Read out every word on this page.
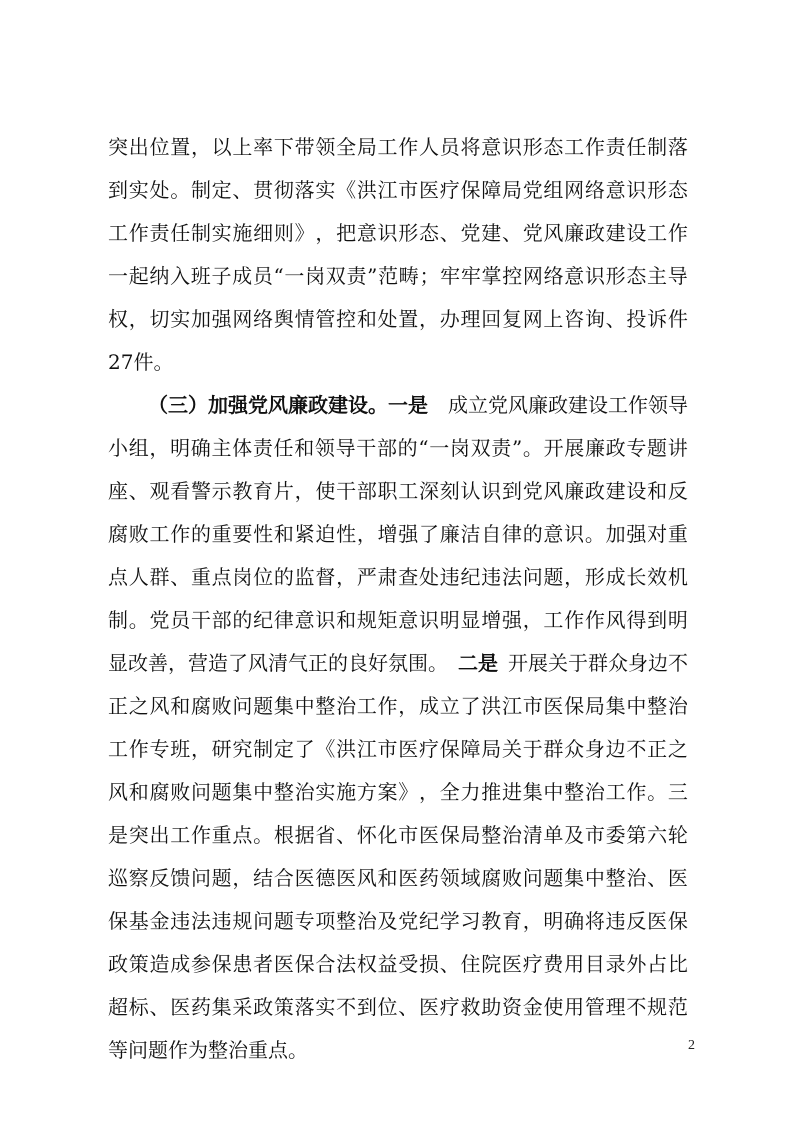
突 出 位 置 ， 以 上 率 下 带 领 全 局 工 作 人 员 将 意 识 形 态 工 作 责 任 制 落
到 实 处 。 制 定 、 贯 彻 落 实 《 洪 江 市 医 疗 保 障 局 党 组 网 络 意 识 形 态
工 作 责 任 制 实 施 细 则 》 ， 把 意 识 形 态 、 党 建 、 党 风 廉 政 建 设 工 作
一 起 纳 入 班 子 成 员 “ 一 岗 双 责 ” 范 畴 ； 牢 牢 掌 控 网 络 意 识 形 态 主 导
权 ， 切 实 加 强 网 络 舆 情 管 控 和 处 置 ， 办 理 回 复 网 上 咨 询 、 投 诉 件
27件。
（三）加强党风廉政建设。一是 成立党风廉政建设工作领导
小 组 ， 明 确 主 体 责 任 和 领 导 干 部 的 “ 一 岗 双 责 ” 。 开 展 廉 政 专 题 讲
座 、 观 看 警 示 教 育 片 ， 使 干 部 职 工 深 刻 认 识 到 党 风 廉 政 建 设 和 反
腐 败 工 作 的 重 要 性 和 紧 迫 性 ， 增 强 了 廉 洁 自 律 的 意 识 。 加 强 对 重
点 人 群 、 重 点 岗 位 的 监 督 ， 严 肃 查 处 违 纪 违 法 问 题 ， 形 成 长 效 机
制 。 党 员 干 部 的 纪 律 意 识 和 规 矩 意 识 明 显 增 强 ， 工 作 作 风 得 到 明
显改善，营造了风清气正的良好氛围。 二是 开展关于群众身边不
正 之 风 和 腐 败 问 题 集 中 整 治 工 作 ， 成 立 了 洪 江 市 医 保 局 集 中 整 治
工 作 专 班 ， 研 究 制 定 了 《 洪 江 市 医 疗 保 障 局 关 于 群 众 身 边 不 正 之
风 和 腐 败 问 题 集 中 整 治 实 施 方 案 》 ， 全 力 推 进 集 中 整 治 工 作 。 三
是 突 出 工 作 重 点 。 根 据 省 、 怀 化 市 医 保 局 整 治 清 单 及 市 委 第 六 轮
巡 察 反 馈 问 题 ， 结 合 医 德 医 风 和 医 药 领 域 腐 败 问 题 集 中 整 治 、 医
保 基 金 违 法 违 规 问 题 专 项 整 治 及 党 纪 学 习 教 育 ， 明 确 将 违 反 医 保
政 策 造 成 参 保 患 者 医 保 合 法 权 益 受 损 、 住 院 医 疗 费 用 目 录 外 占 比
超 标 、 医 药 集 采 政 策 落 实 不 到 位 、 医 疗 救 助 资 金 使 用 管 理 不 规 范
等问题作为整治重点。	2
